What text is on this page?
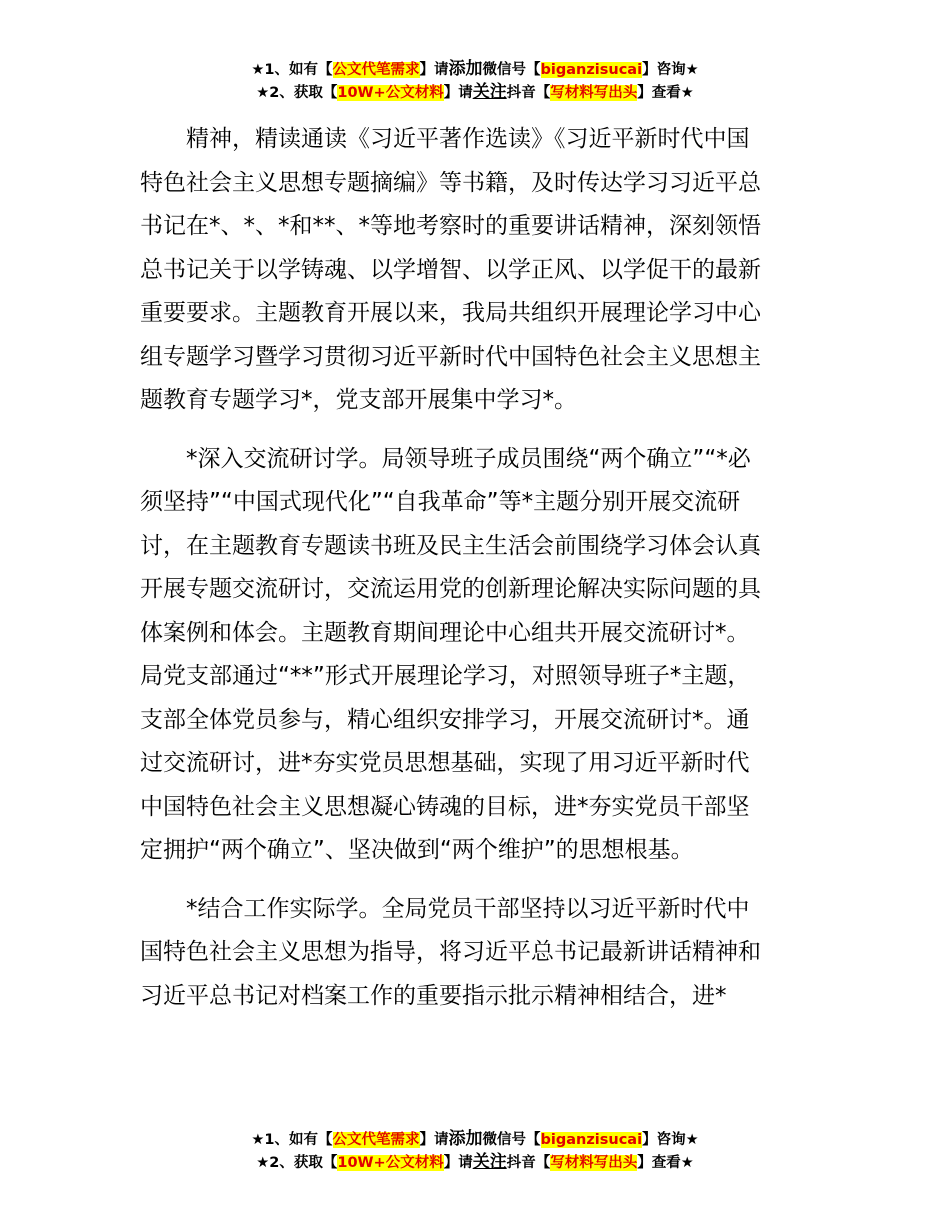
★1、如有【公文代笔需求】请添加微信号【biganzisucai】咨询★
★2、获取【10W+公文材料】请关注抖音【写材料写出头】查看★

精神，精读通读《习近平著作选读》《习近平新时代中国
特色社会主义思想专题摘编》等书籍，及时传达学习习近平总
书记在*、*、*和**、*等地考察时的重要讲话精神，深刻领悟
总书记关于以学铸魂、以学增智、以学正风、以学促干的最新
重要要求。主题教育开展以来，我局共组织开展理论学习中心
组专题学习暨学习贯彻习近平新时代中国特色社会主义思想主
题教育专题学习*，党支部开展集中学习*。

*深入交流研讨学。局领导班子成员围绕“两个确立”“*必
须坚持”“中国式现代化”“自我革命”等*主题分别开展交流研
讨，在主题教育专题读书班及民主生活会前围绕学习体会认真
开展专题交流研讨，交流运用党的创新理论解决实际问题的具
体案例和体会。主题教育期间理论中心组共开展交流研讨*。
局党支部通过“**”形式开展理论学习，对照领导班子*主题，
支部全体党员参与，精心组织安排学习，开展交流研讨*。通
过交流研讨，进*夯实党员思想基础，实现了用习近平新时代
中国特色社会主义思想凝心铸魂的目标，进*夯实党员干部坚
定拥护“两个确立”、坚决做到“两个维护”的思想根基。

*结合工作实际学。全局党员干部坚持以习近平新时代中
国特色社会主义思想为指导，将习近平总书记最新讲话精神和
习近平总书记对档案工作的重要指示批示精神相结合，进*

★1、如有【公文代笔需求】请添加微信号【biganzisucai】咨询★
★2、获取【10W+公文材料】请关注抖音【写材料写出头】查看★
